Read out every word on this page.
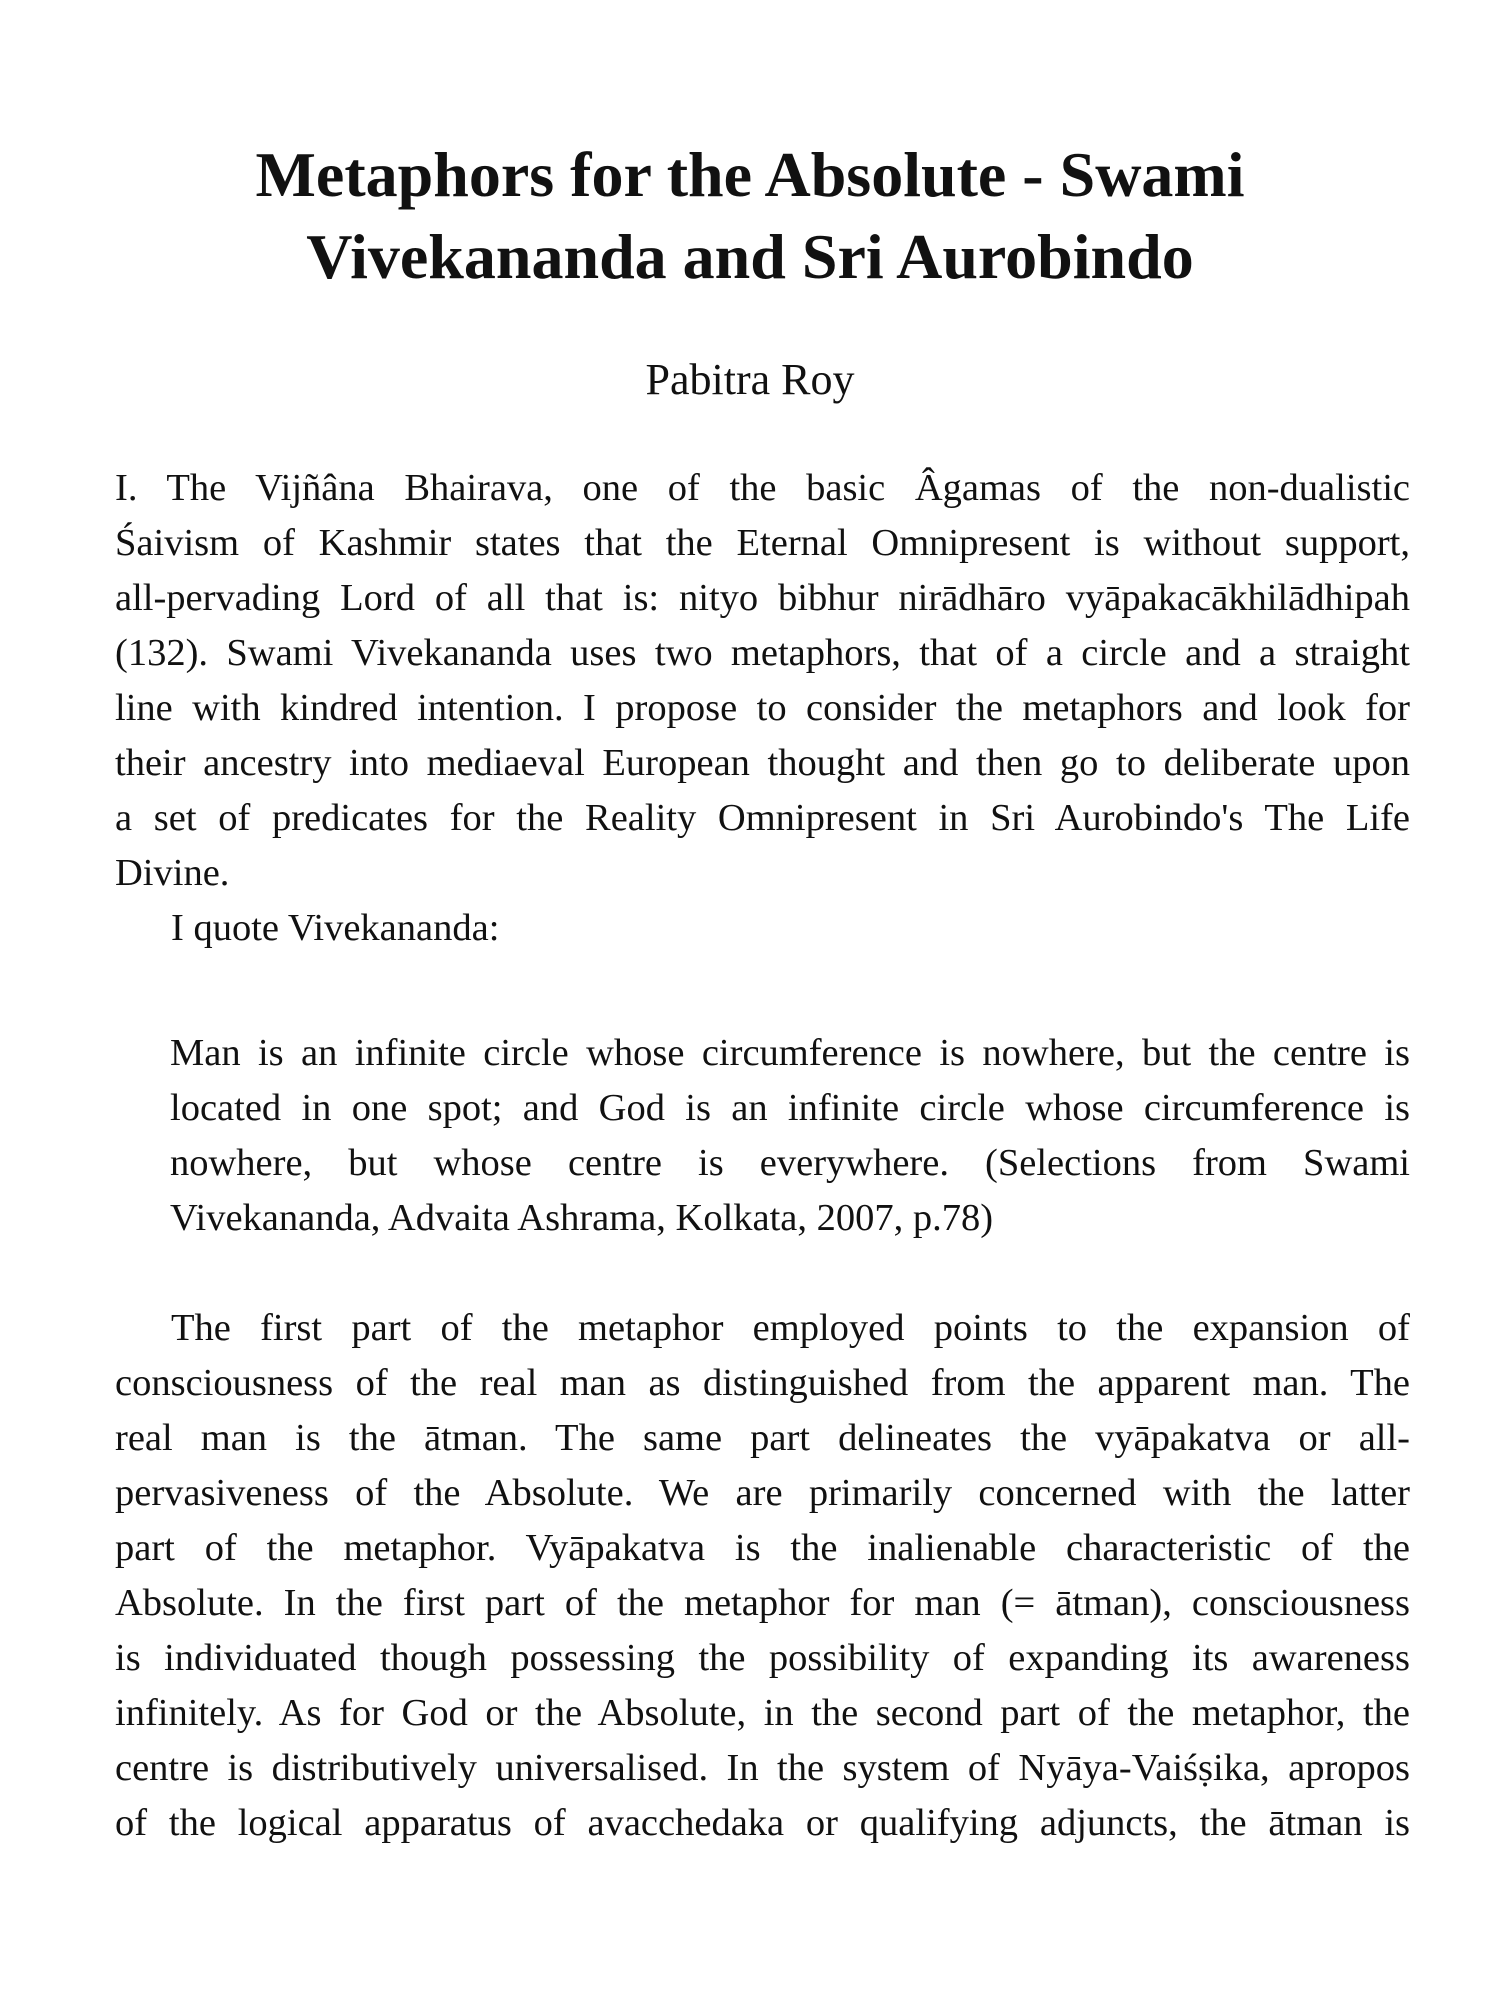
Metaphors for the Absolute - Swami
Vivekananda and Sri Aurobindo

Pabitra Roy

I. The Vijñâna Bhairava, one of the basic Âgamas of the non-dualistic
Śaivism of Kashmir states that the Eternal Omnipresent is without support,
all-pervading Lord of all that is: nityo bibhur nirādhāro vyāpakacākhilādhipah
(132). Swami Vivekananda uses two metaphors, that of a circle and a straight
line with kindred intention. I propose to consider the metaphors and look for
their ancestry into mediaeval European thought and then go to deliberate upon
a set of predicates for the Reality Omnipresent in Sri Aurobindo's The Life
Divine.
I quote Vivekananda:
Man is an infinite circle whose circumference is nowhere, but the centre is
located in one spot; and God is an infinite circle whose circumference is
nowhere, but whose centre is everywhere. (Selections from Swami
Vivekananda, Advaita Ashrama, Kolkata, 2007, p.78)
The first part of the metaphor employed points to the expansion of
consciousness of the real man as distinguished from the apparent man. The
real man is the ātman. The same part delineates the vyāpakatva or all-
pervasiveness of the Absolute. We are primarily concerned with the latter
part of the metaphor. Vyāpakatva is the inalienable characteristic of the
Absolute. In the first part of the metaphor for man (= ātman), consciousness
is individuated though possessing the possibility of expanding its awareness
infinitely. As for God or the Absolute, in the second part of the metaphor, the
centre is distributively universalised. In the system of Nyāya-Vaiśṣika, apropos
of the logical apparatus of avacchedaka or qualifying adjuncts, the ātman is
